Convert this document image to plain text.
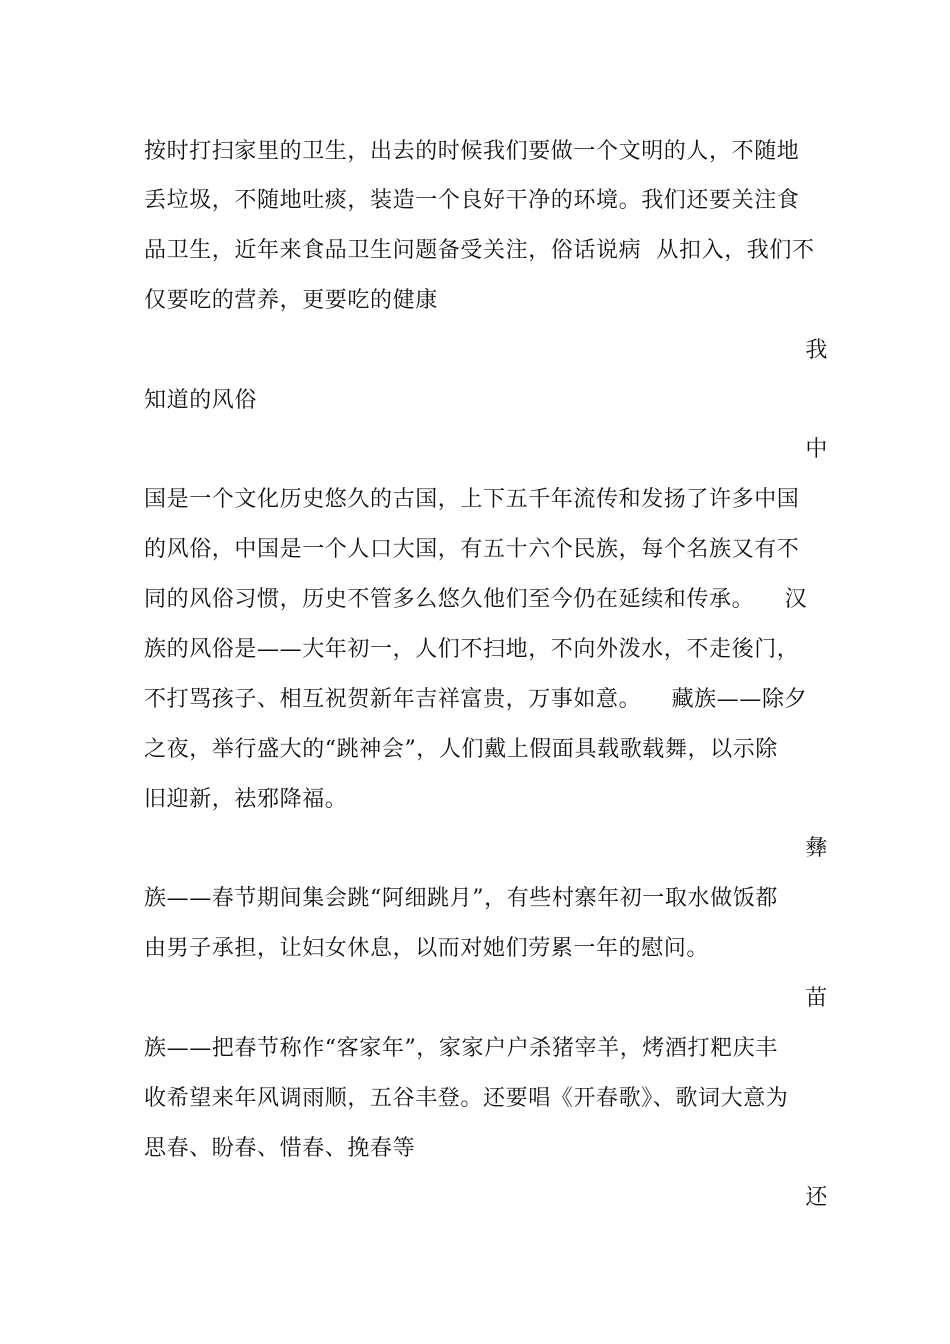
按时打扫家里的卫生，出去的时候我们要做一个文明的人，不随地
丢垃圾，不随地吐痰，装造一个良好干净的环境。我们还要关注食
品卫生，近年来食品卫生问题备受关注，俗话说病  从扣入，我们不
仅要吃的营养，更要吃的健康
我
知道的风俗
中
国是一个文化历史悠久的古国，上下五千年流传和发扬了许多中国
的风俗，中国是一个人口大国，有五十六个民族，每个名族又有不
同的风俗习惯，历史不管多么悠久他们至今仍在延续和传承。    汉
族的风俗是——大年初一，人们不扫地，不向外泼水，不走後门，
不打骂孩子、相互祝贺新年吉祥富贵，万事如意。    藏族——除夕
之夜，举行盛大的“跳神会”，人们戴上假面具载歌载舞，以示除
旧迎新，祛邪降福。
彝
族——春节期间集会跳“阿细跳月”，有些村寨年初一取水做饭都
由男子承担，让妇女休息，以而对她们劳累一年的慰问。
苗
族——把春节称作“客家年”，家家户户杀猪宰羊，烤酒打粑庆丰
收希望来年风调雨顺，五谷丰登。还要唱《开春歌》、歌词大意为
思春、盼春、惜春、挽春等
还
